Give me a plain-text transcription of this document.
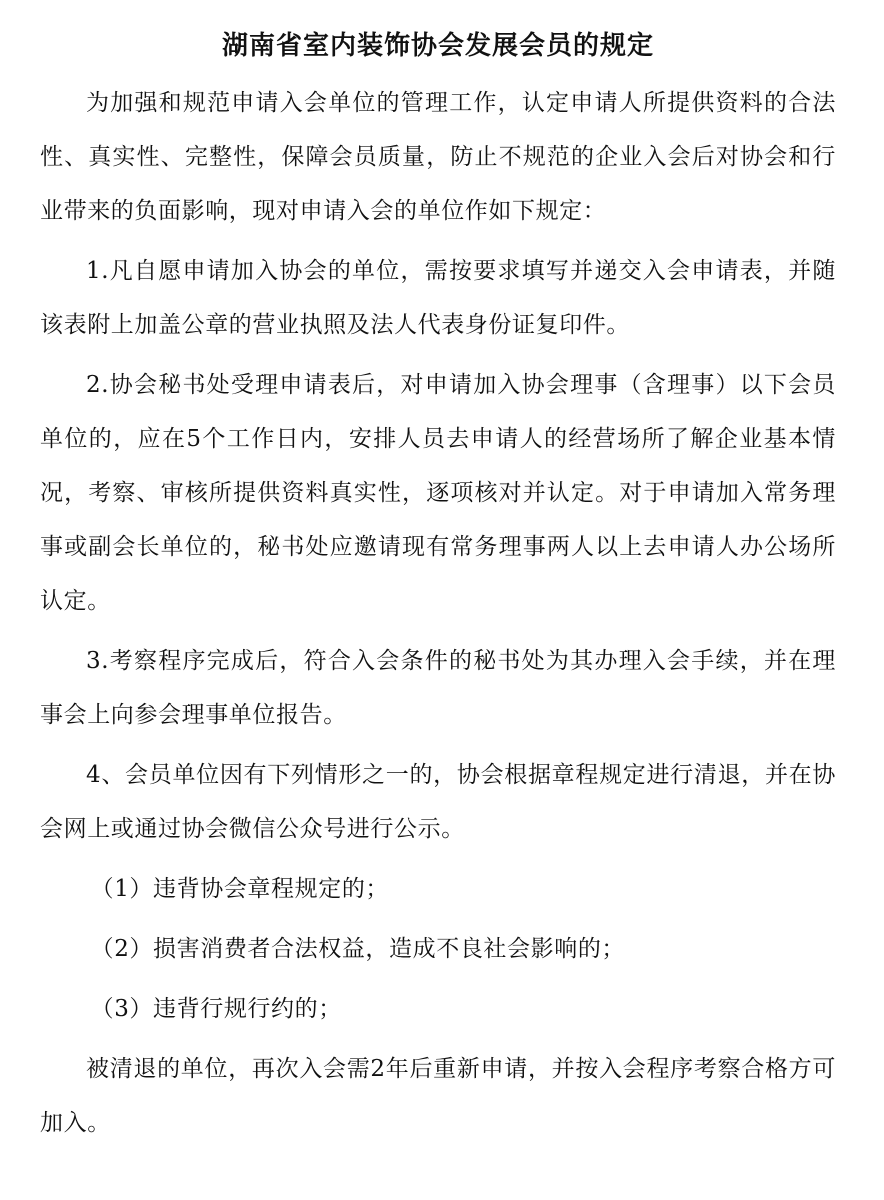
湖南省室内装饰协会发展会员的规定

为加强和规范申请入会单位的管理工作，认定申请人所提供资料的合法性、真实性、完整性，保障会员质量，防止不规范的企业入会后对协会和行业带来的负面影响，现对申请入会的单位作如下规定：

1.凡自愿申请加入协会的单位，需按要求填写并递交入会申请表，并随该表附上加盖公章的营业执照及法人代表身份证复印件。

2.协会秘书处受理申请表后，对申请加入协会理事（含理事）以下会员单位的，应在5个工作日内，安排人员去申请人的经营场所了解企业基本情况，考察、审核所提供资料真实性，逐项核对并认定。对于申请加入常务理事或副会长单位的，秘书处应邀请现有常务理事两人以上去申请人办公场所认定。

3.考察程序完成后，符合入会条件的秘书处为其办理入会手续，并在理事会上向参会理事单位报告。

4、会员单位因有下列情形之一的，协会根据章程规定进行清退，并在协会网上或通过协会微信公众号进行公示。

（1）违背协会章程规定的；

（2）损害消费者合法权益，造成不良社会影响的；

（3）违背行规行约的；

被清退的单位，再次入会需2年后重新申请，并按入会程序考察合格方可加入。
